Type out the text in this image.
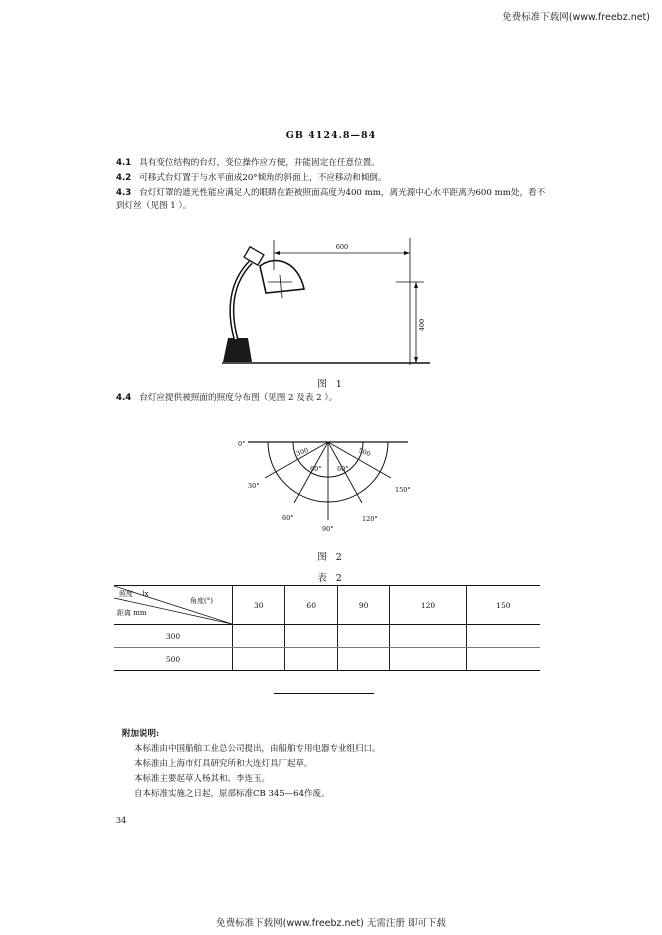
免费标准下载网(www.freebz.net)
GB 4124.8—84
4.1 具有变位结构的台灯，变位操作应方便，并能固定在任意位置。
4.2 可移式台灯置于与水平面成20°倾角的斜面上，不应移动和倾倒。
4.3 台灯灯罩的遮光性能应满足人的眼睛在距被照面高度为400 mm，离光源中心水平距离为600 mm处，看不到灯丝（见图 1 ）。
600
400
图 1
4.4 台灯应提供被照面的照度分布图（见图 2 及表 2 ）。
0°
30°
60°
90°
120°
150°
60° 60°
300	500
图 2
表 2
照度　 lx
角度(°)
距离 mm	30	60	90	120	150
300					
500					
附加说明:
本标准由中国船舶工业总公司提出，由船舶专用电器专业组归口。
本标准由上海市灯具研究所和大连灯具厂起草。
本标准主要起草人杨其和、李连玉。
自本标准实施之日起，原部标准CB 345—64作废。
34
免费标准下载网(www.freebz.net) 无需注册 即可下载
